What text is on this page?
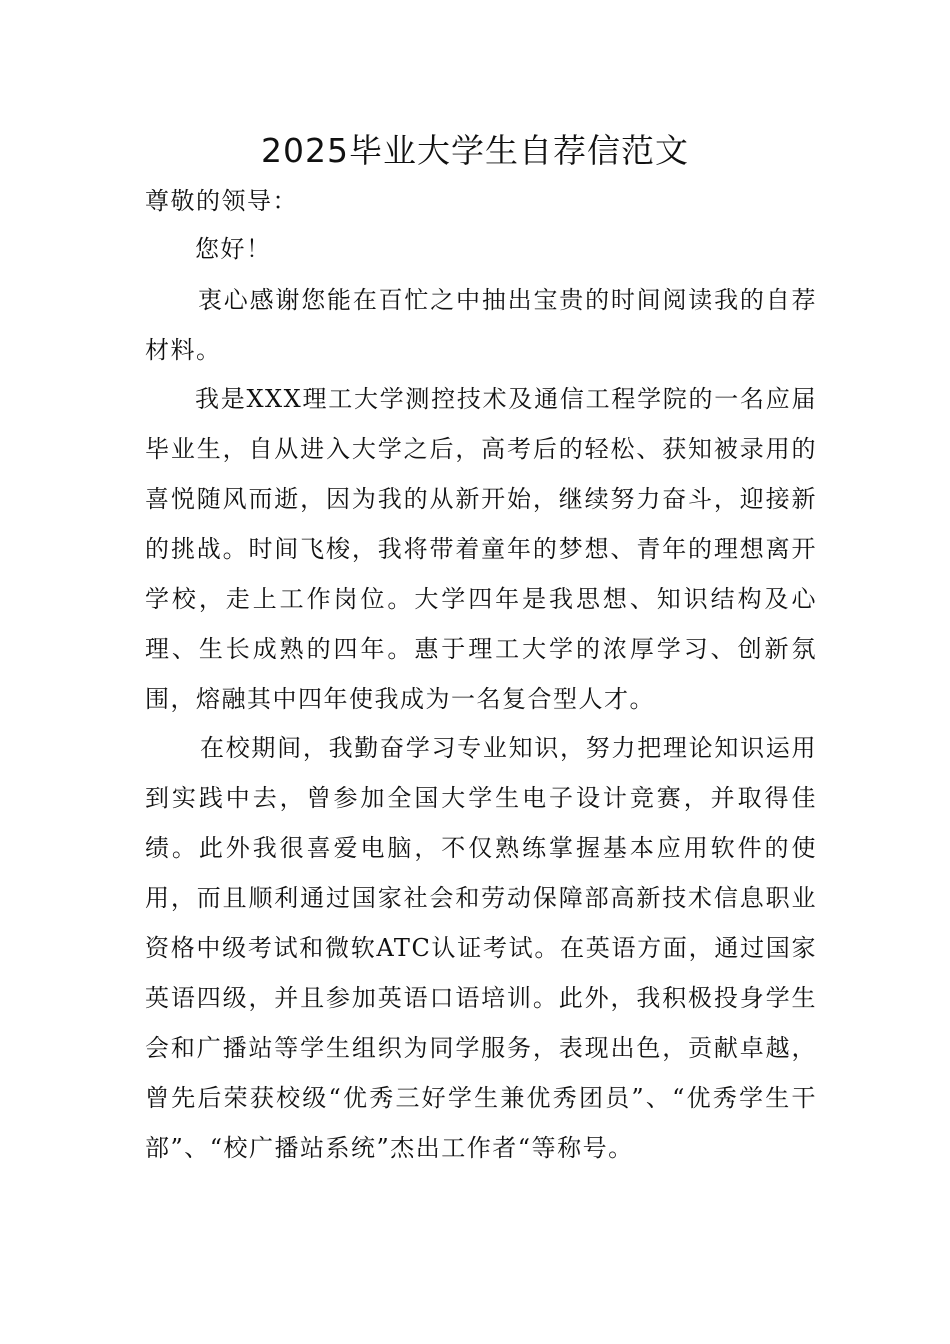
2025毕业大学生自荐信范文

尊敬的领导：

您好！

衷心感谢您能在百忙之中抽出宝贵的时间阅读我的自荐材料。

我是XXX理工大学测控技术及通信工程学院的一名应届毕业生，自从进入大学之后，高考后的轻松、获知被录用的喜悦随风而逝，因为我的从新开始，继续努力奋斗，迎接新的挑战。时间飞梭，我将带着童年的梦想、青年的理想离开学校，走上工作岗位。大学四年是我思想、知识结构及心理、生长成熟的四年。惠于理工大学的浓厚学习、创新氛围，熔融其中四年使我成为一名复合型人才。

在校期间，我勤奋学习专业知识，努力把理论知识运用到实践中去，曾参加全国大学生电子设计竞赛，并取得佳绩。此外我很喜爱电脑，不仅熟练掌握基本应用软件的使用，而且顺利通过国家社会和劳动保障部高新技术信息职业资格中级考试和微软ATC认证考试。在英语方面，通过国家英语四级，并且参加英语口语培训。此外，我积极投身学生会和广播站等学生组织为同学服务，表现出色，贡献卓越，曾先后荣获校级“优秀三好学生兼优秀团员”、“优秀学生干部”、“校广播站系统”杰出工作者“等称号。
